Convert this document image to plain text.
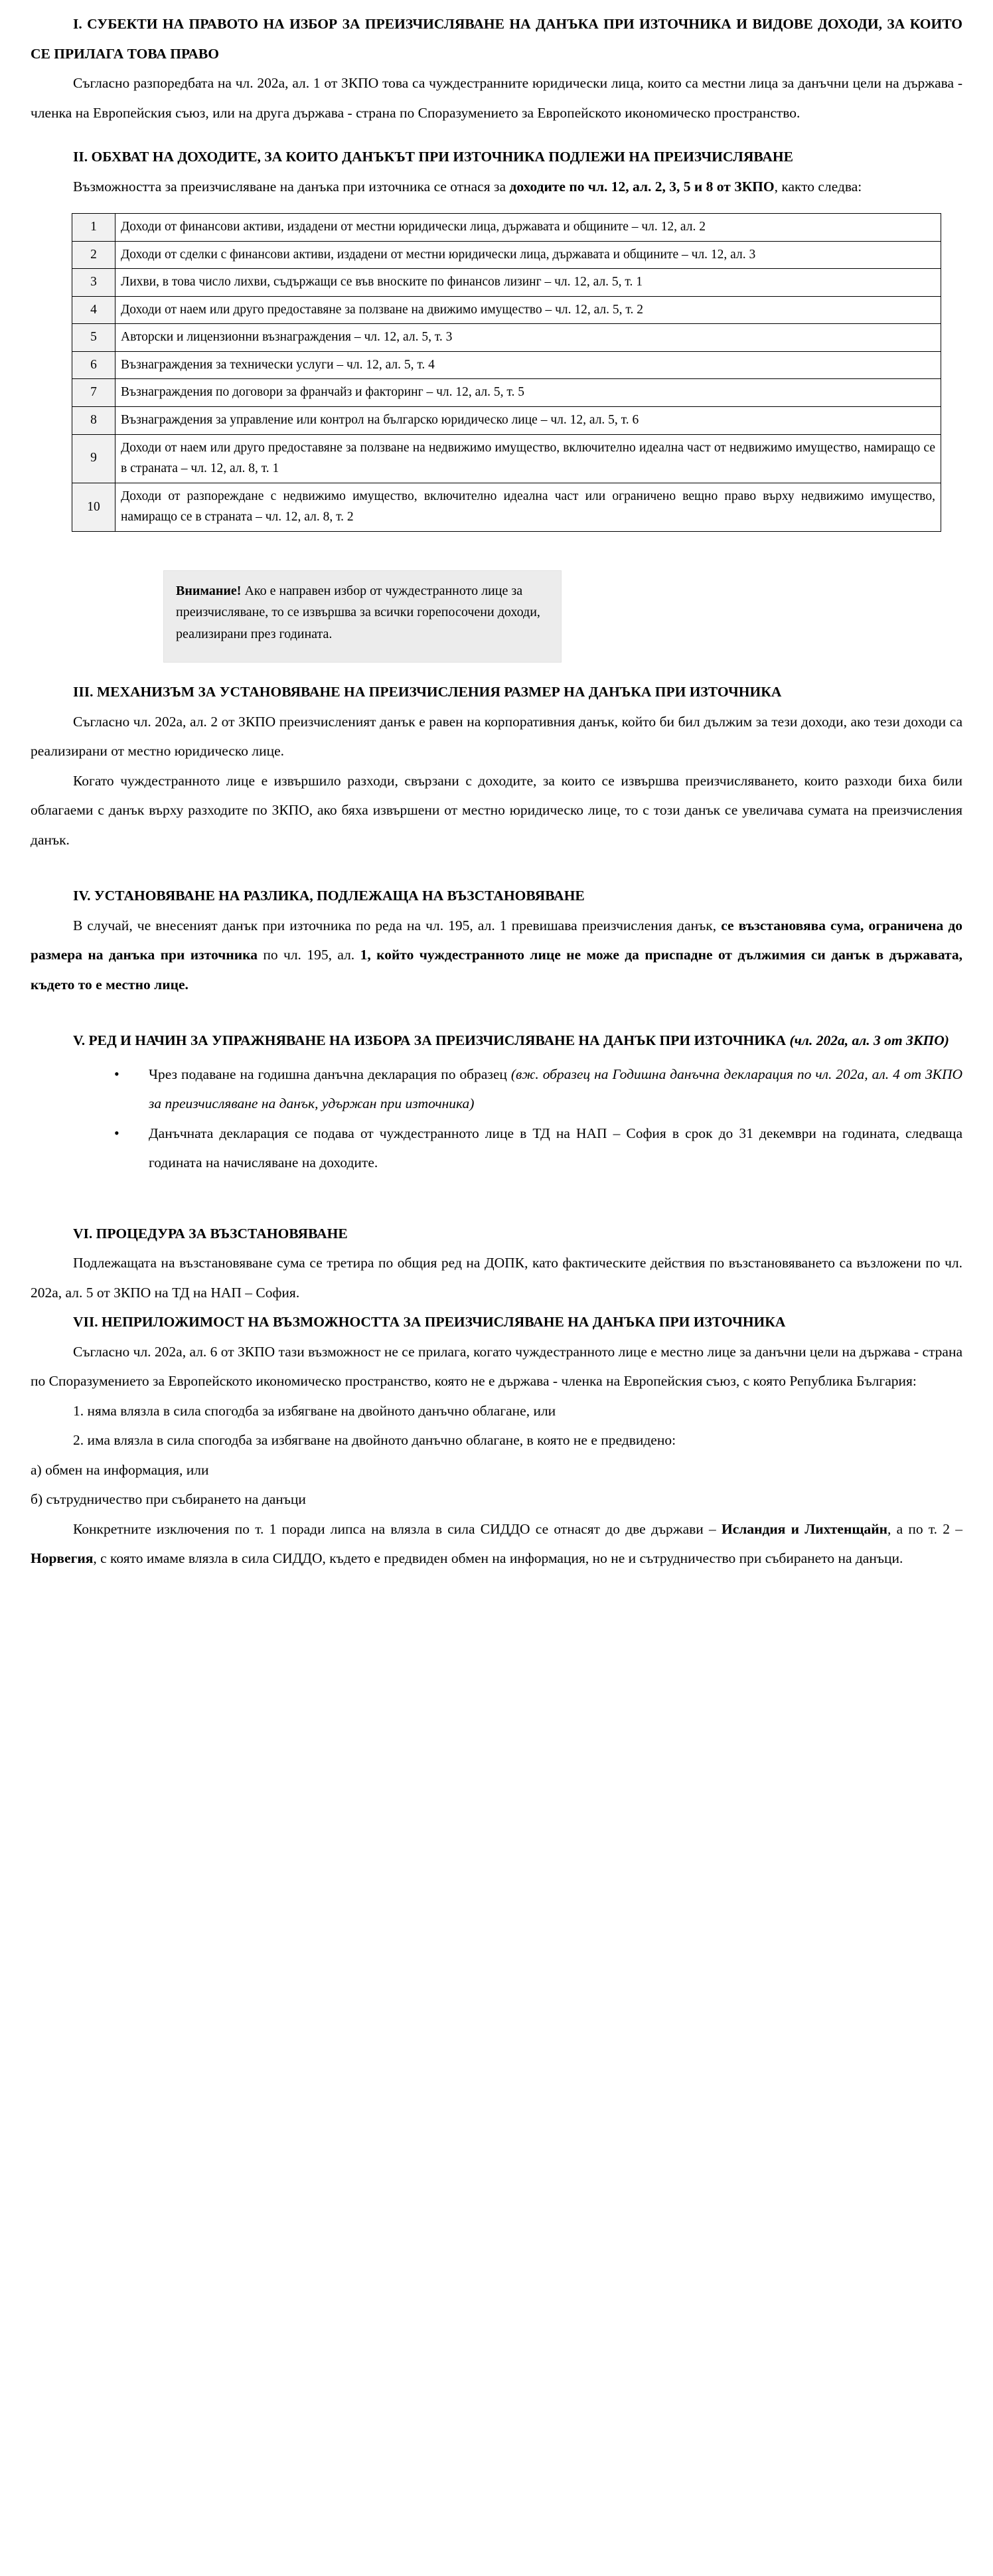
I. СУБЕКТИ НА ПРАВОТО НА ИЗБОР ЗА ПРЕИЗЧИСЛЯВАНЕ НА ДАНЪКА ПРИ ИЗТОЧНИКА И ВИДОВЕ ДОХОДИ, ЗА КОИТО СЕ ПРИЛАГА ТОВА ПРАВО

Съгласно разпоредбата на чл. 202а, ал. 1 от ЗКПО това са чуждестранните юридически лица, които са местни лица за данъчни цели на държава - членка на Европейския съюз, или на друга държава - страна по Споразумението за Европейското икономическо пространство.

II. ОБХВАТ НА ДОХОДИТЕ, ЗА КОИТО ДАНЪКЪТ ПРИ ИЗТОЧНИКА ПОДЛЕЖИ НА ПРЕИЗЧИСЛЯВАНЕ

Възможността за преизчисляване на данъка при източника се отнася за доходите по чл. 12, ал. 2, 3, 5 и 8 от ЗКПО, както следва:

1	Доходи от финансови активи, издадени от местни юридически лица, държавата и общините – чл. 12, ал. 2
2	Доходи от сделки с финансови активи, издадени от местни юридически лица, държавата и общините – чл. 12, ал. 3
3	Лихви, в това число лихви, съдържащи се във вноските по финансов лизинг – чл. 12, ал. 5, т. 1
4	Доходи от наем или друго предоставяне за ползване на движимо имущество – чл. 12, ал. 5, т. 2
5	Авторски и лицензионни възнаграждения – чл. 12, ал. 5, т. 3
6	Възнаграждения за технически услуги – чл. 12, ал. 5, т. 4
7	Възнаграждения по договори за франчайз и факторинг – чл. 12, ал. 5, т. 5
8	Възнаграждения за управление или контрол на българско юридическо лице – чл. 12, ал. 5, т. 6
9	Доходи от наем или друго предоставяне за ползване на недвижимо имущество, включително идеална част от недвижимо имущество, намиращо се в страната – чл. 12, ал. 8, т. 1
10	Доходи от разпореждане с недвижимо имущество, включително идеална част или ограничено вещно право върху недвижимо имущество, намиращо се в страната – чл. 12, ал. 8, т. 2

Внимание! Ако е направен избор от чуждестранното лице за преизчисляване, то се извършва за всички горепосочени доходи, реализирани през годината.

III. МЕХАНИЗЪМ ЗА УСТАНОВЯВАНЕ НА ПРЕИЗЧИСЛЕНИЯ РАЗМЕР НА ДАНЪКА ПРИ ИЗТОЧНИКА

Съгласно чл. 202а, ал. 2 от ЗКПО преизчисленият данък е равен на корпоративния данък, който би бил дължим за тези доходи, ако тези доходи са реализирани от местно юридическо лице.

Когато чуждестранното лице е извършило разходи, свързани с доходите, за които се извършва преизчисляването, които разходи биха били облагаеми с данък върху разходите по ЗКПО, ако бяха извършени от местно юридическо лице, то с този данък се увеличава сумата на преизчисления данък.

IV. УСТАНОВЯВАНЕ НА РАЗЛИКА, ПОДЛЕЖАЩА НА ВЪЗСТАНОВЯВАНЕ

В случай, че внесеният данък при източника по реда на чл. 195, ал. 1 превишава преизчисления данък, се възстановява сума, ограничена до размера на данъка при източника по чл. 195, ал. 1, който чуждестранното лице не може да приспадне от дължимия си данък в държавата, където то е местно лице.

V. РЕД И НАЧИН ЗА УПРАЖНЯВАНЕ НА ИЗБОРА ЗА ПРЕИЗЧИСЛЯВАНЕ НА ДАНЪК ПРИ ИЗТОЧНИКА (чл. 202а, ал. 3 от ЗКПО)
• Чрез подаване на годишна данъчна декларация по образец (вж. образец на Годишна данъчна декларация по чл. 202а, ал. 4 от ЗКПО за преизчисляване на данък, удържан при източника)
• Данъчната декларация се подава от чуждестранното лице в ТД на НАП – София в срок до 31 декември на годината, следваща годината на начисляване на доходите.
VI. ПРОЦЕДУРА ЗА ВЪЗСТАНОВЯВАНЕ

Подлежащата на възстановяване сума се третира по общия ред на ДОПК, като фактическите действия по възстановяването са възложени по чл. 202а, ал. 5 от ЗКПО на ТД на НАП – София.

VII. НЕПРИЛОЖИМОСТ НА ВЪЗМОЖНОСТТА ЗА ПРЕИЗЧИСЛЯВАНЕ НА ДАНЪКА ПРИ ИЗТОЧНИКА

Съгласно чл. 202а, ал. 6 от ЗКПО тази възможност не се прилага, когато чуждестранното лице е местно лице за данъчни цели на държава - страна по Споразумението за Европейското икономическо пространство, която не е държава - членка на Европейския съюз, с която Република България:

1. няма влязла в сила спогодба за избягване на двойното данъчно облагане, или

2. има влязла в сила спогодба за избягване на двойното данъчно облагане, в която не е предвидено:

а) обмен на информация, или

б) сътрудничество при събирането на данъци

Конкретните изключения по т. 1 поради липса на влязла в сила СИДДО се отнасят до две държави – Исландия и Лихтенщайн, а по т. 2 – Норвегия, с която имаме влязла в сила СИДДО, където е предвиден обмен на информация, но не и сътрудничество при събирането на данъци.
